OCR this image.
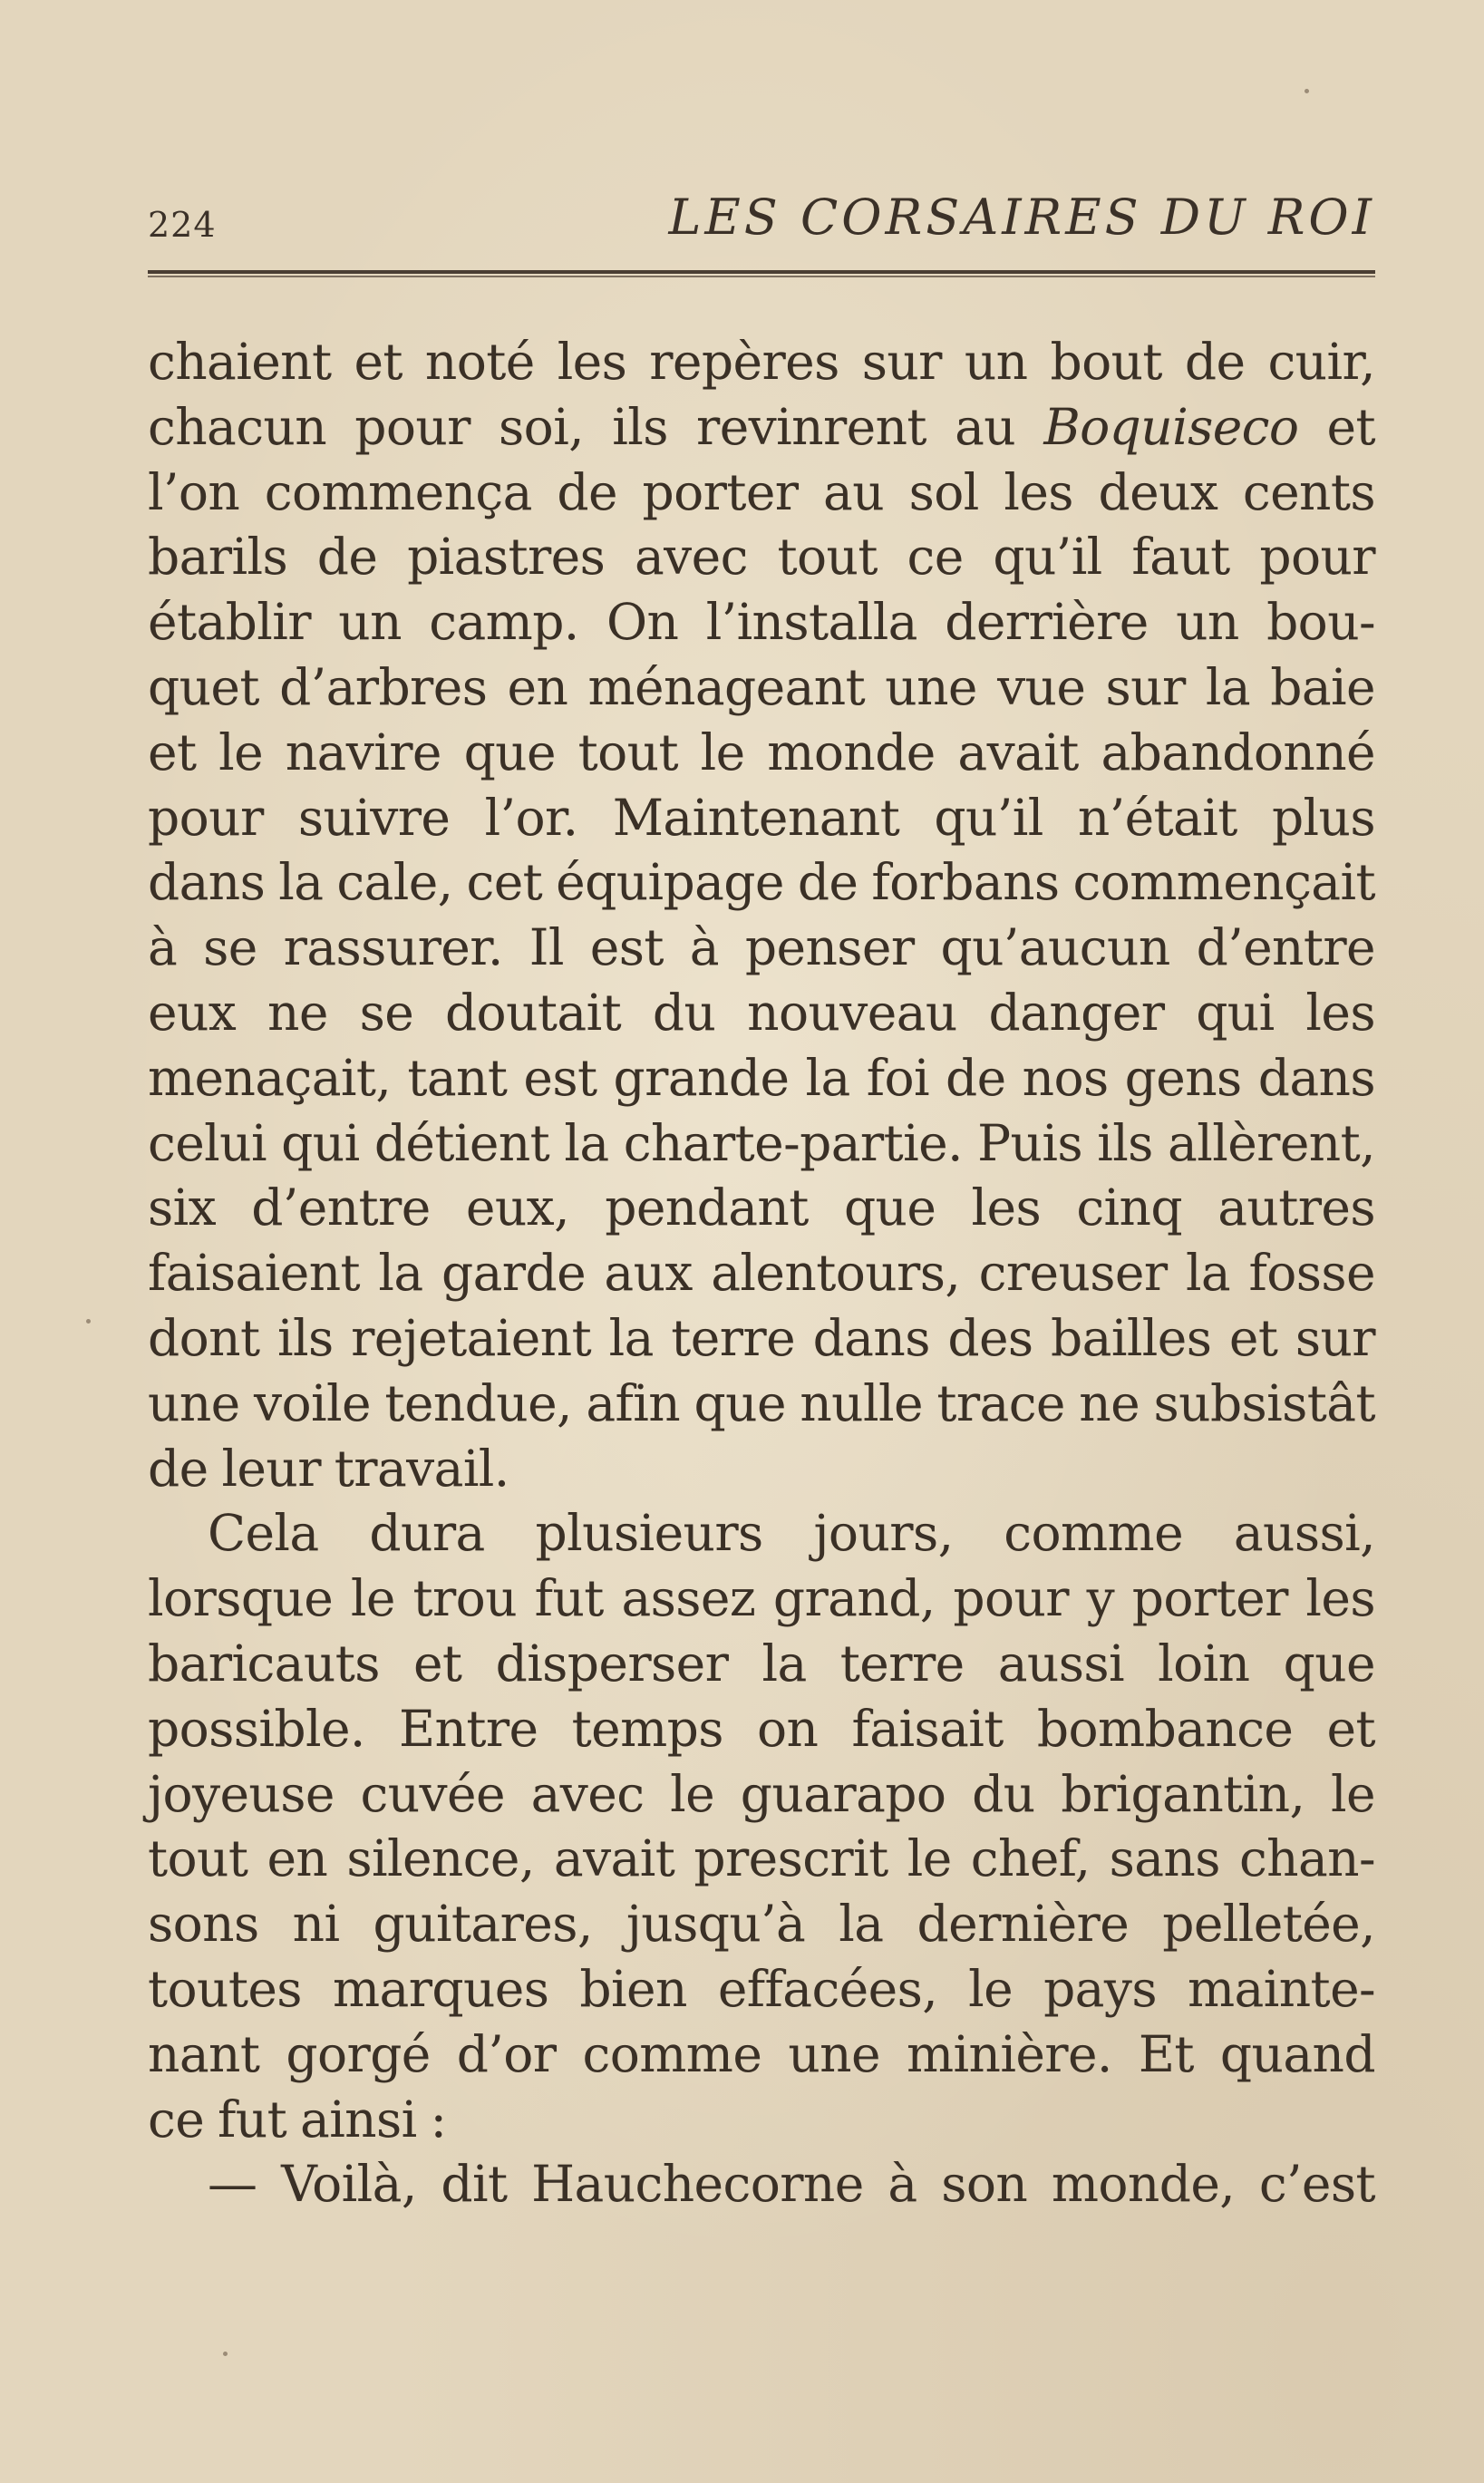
224	LES CORSAIRES DU ROI
chaient et noté les repères sur un bout de cuir,
chacun pour soi, ils revinrent au Boquiseco et
l’on commença de porter au sol les deux cents
barils de piastres avec tout ce qu’il faut pour
établir un camp. On l’installa derrière un bou-
quet d’arbres en ménageant une vue sur la baie
et le navire que tout le monde avait abandonné
pour suivre l’or. Maintenant qu’il n’était plus
dans la cale, cet équipage de forbans commençait
à se rassurer. Il est à penser qu’aucun d’entre
eux ne se doutait du nouveau danger qui les
menaçait, tant est grande la foi de nos gens dans
celui qui détient la charte-partie. Puis ils allèrent,
six d’entre eux, pendant que les cinq autres
faisaient la garde aux alentours, creuser la fosse
dont ils rejetaient la terre dans des bailles et sur
une voile tendue, afin que nulle trace ne subsistât
de leur travail.
Cela dura plusieurs jours, comme aussi,
lorsque le trou fut assez grand, pour y porter les
baricauts et disperser la terre aussi loin que
possible. Entre temps on faisait bombance et
joyeuse cuvée avec le guarapo du brigantin, le
tout en silence, avait prescrit le chef, sans chan-
sons ni guitares, jusqu’à la dernière pelletée,
toutes marques bien effacées, le pays mainte-
nant gorgé d’or comme une minière. Et quand
ce fut ainsi :
— Voilà, dit Hauchecorne à son monde, c’est
